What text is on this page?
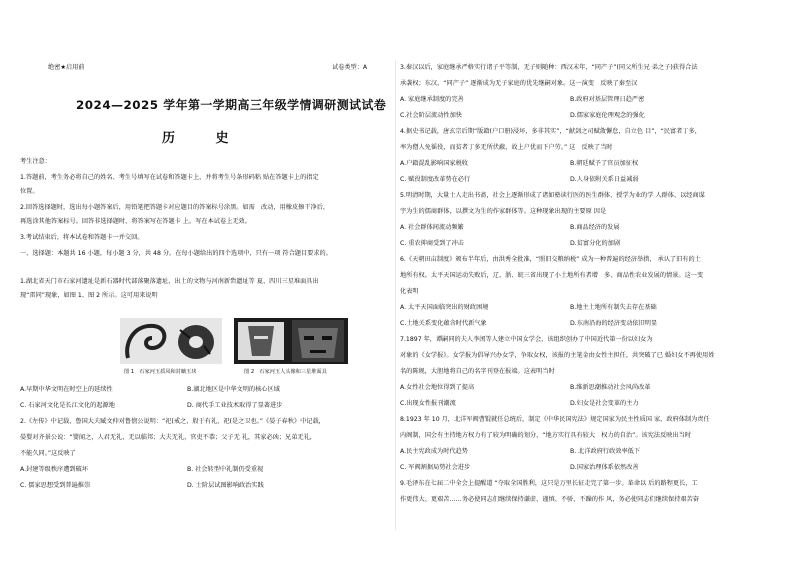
绝密★启用前	试卷类型：A
2024—2025 学年第一学期高三年级学情调研测试试卷
历 史
考生注意：
1.答题前，考生务必将自己的姓名、考生号填写在试卷和答题卡上，并将考生号条形码粘 贴在答题卡上的指定
位置。
2.回答选择题时，选出每小题答案后，用铅笔把答题卡对应题目的答案标号涂黑。如需　改动，用橡皮擦干净后，
再选涂其他答案标号。回答非选择题时，将答案写在答题卡 上。写在本试卷上无效。
3.考试结束后，将本试卷和答题卡一并交回。
一、选择题：本题共 16 小题，每小题 3 分，共 48 分。在每小题给出的四个选项中，只有一项 符合题目要求的。
1.湖北省天门市石家河遗址是新石器时代部落聚落遗址，出土的文物与河南新砦遗址等 夏、四川三星堆面具出
现“雷同”现象，如图 1、图 2 所示。这可用来说明
图 1　石家河玉质凤和封螭玉玦	图 2　石家河玉人头像和三星堆面具
A.早期中华文明在时空上的延续性	B.湖北地区是中华文明的核心区域
C. 石家河文化是长江文化的起源地	D. 商代手工业技术取得了显著进步
2.《左传》中记载，鲁国大夫臧文仲对鲁僖公说明：“祀(戒之，殷于有礼，祀(是之卫也。”《晏子春秋》中记载，
晏婴对齐景公说：“婴闻之，人君无礼，无以临邦；大夫无礼，官吏不恭；父子无 礼，其家必凶；兄弟无礼，
不能久同。”这反映了
A.封建等级秩序遭到破坏	B. 社会转型中礼制仍受重视
C. 儒家思想受到普遍推崇	D. 士阶层试图影响政治实践
3.秦汉以后，家庭继承严格实行诸子平等制，无子则随种：西汉末年，“同产子”(同父所生兄 弟之子)获得合法
承袭权；东汉，“同产子” 逐渐成为无子家庭的优先继嗣对象。这一演变　反映了秦至汉
A. 家庭继承制度的完善	B.政府对基层管理日趋严密
C.社会阶层流动性加快	D.儒家家庭伦理观念的强化
4.据史书记载，唐玄宗后期“版籍(户口册)浸坏，多非其实”，“献剑之司赋敛懈怠，自立色 目”，“民富者丁多，
率为僧人免徭役，而贫者丁多无所伏蔽，故上户优而下户劳。” 这　反映了当时
A.户籍混乱影响国家税收	B.朝廷赋予了官员加征权
C. 赋役制度改革势在必行	D.人身依附关系日益减弱
5.明清时期，大量士人走出书斋，社会上逐渐形成了诸如塾读行医的医生群体、授学为业的学 人群体、以经商谋
宇为生的儒商群体，以撰文为生的作家群体等。这种现象出现的主要原 因是
A. 社会群体间流动频繁	B.商品经济的发展
C. 重农抑商受到了冲击	D.贫富分化的加剧
6.《天朝田亩制度》颁布半年后，由洪秀全批准，“照旧交粮纳税” 成为一种普遍的经济举措， 承认了旧有的土
地所有权。太平天国运动失败后，辽、浙、皖三省出现了小土地所有者增　多、商品性农业发展的情景。这一变
化表明
A. 太平天国面临突出的财政困境	B.地主土地所有制失去存在基础
C.土地关系变化蕴含时代新气象	D.东南沿海的经济变动依旧明显
7.1897 年，谭嗣同的夫人李闰等人建立中国女学会，该组织创办了中国近代第一份以妇女为
对象的《女学报》。女学报为倡导兴办女学，争取女权，该报的主笔金由女性主担任，共突破了已 婚妇女不再使用姓
名的陈规，大胆地将自己的名字刊登在报端。这表明当时
A.女性社会地位得到了提高	B.维新思潮推动社会风尚改革
C.出现女性报刊潮流	D.妇女是社会变革的主力
8.1923 年 10 月，北洋军阀曹锟就任总统后，制定《中华民国宪法》规定国家为民主性质国 家，政府体制为责任
内阁制，国会有主持地方权力有了较为明确的划分，“地方实行具有较大　权力的自治”。该宪法反映出当时
A.民主宪政成为时代趋势	B. 北洋政府行政效率低下
C. 军阀割据局势社会进步	D.国家治理体系依然改善
9.毛泽东在七届二中全会上提醒道 “夺取全国胜利，这只是万里长征走完了第一步。革命以 后的路程更长，工
作更伟大、更艰苦……务必使同志们继续保持谦虚、谨慎、不骄、不躁的作 风，务必使同志们继续保持艰苦奋
